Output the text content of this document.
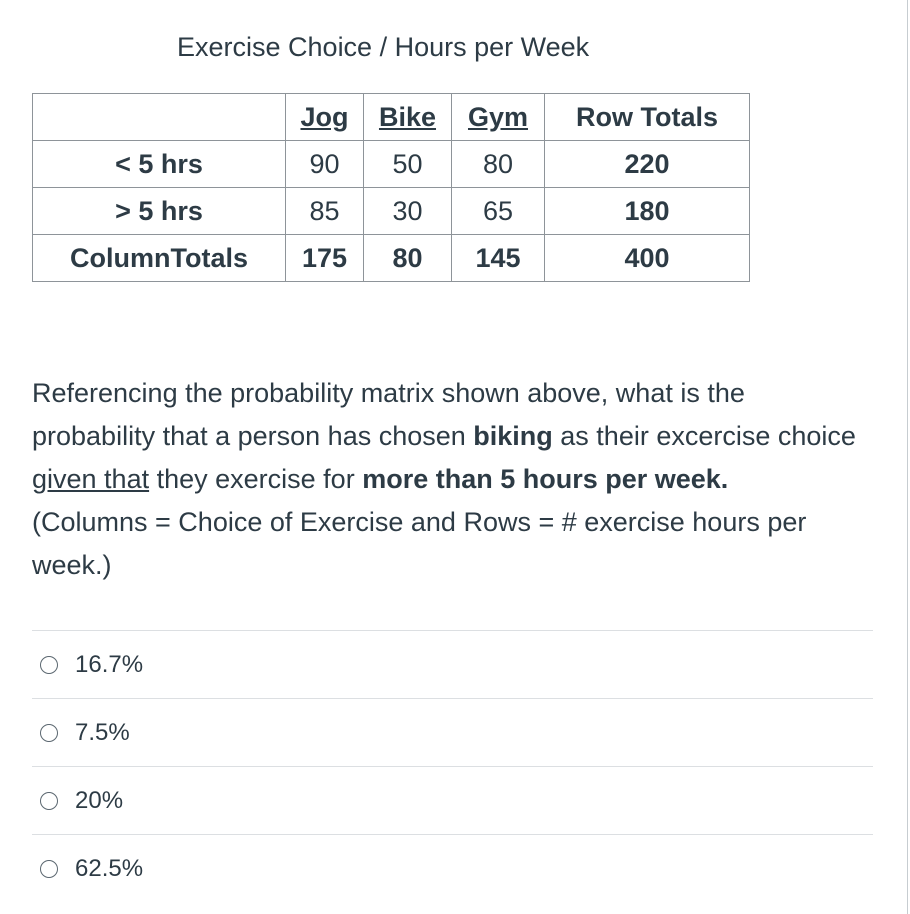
Exercise Choice / Hours per Week
	Jog	Bike	Gym	Row Totals
< 5 hrs	90	50	80	220
> 5 hrs	85	30	65	180
ColumnTotals	175	80	145	400
Referencing the probability matrix shown above, what is the probability that a person has chosen biking as their excercise choice given that they exercise for more than 5 hours per week.(Columns = Choice of Exercise and Rows = # exercise hours per week.)
16.7%
7.5%
20%
62.5%
